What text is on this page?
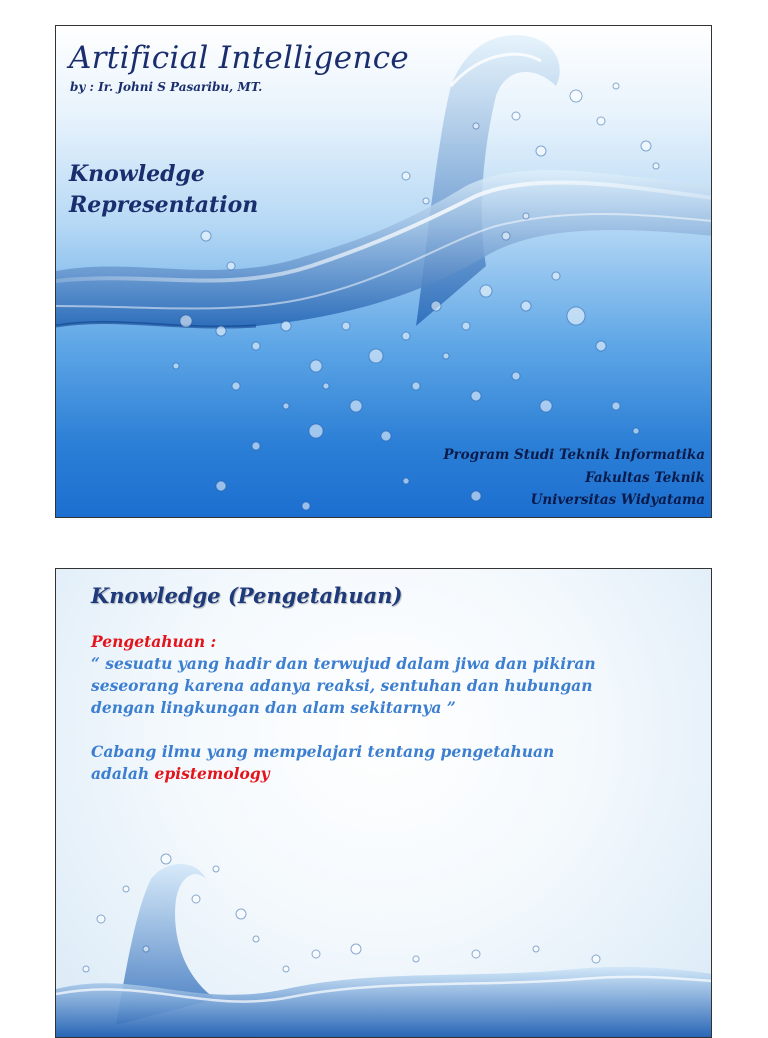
Artificial Intelligence
by : Ir. Johni S Pasaribu, MT.
Knowledge
Representation
Program Studi Teknik Informatika
Fakultas Teknik
Universitas Widyatama
Knowledge (Pengetahuan)
Pengetahuan :
“ sesuatu yang hadir dan terwujud dalam jiwa dan pikiran
seseorang karena adanya reaksi, sentuhan dan hubungan
dengan lingkungan dan alam sekitarnya ”
Cabang ilmu yang mempelajari tentang pengetahuan
adalah epistemology
